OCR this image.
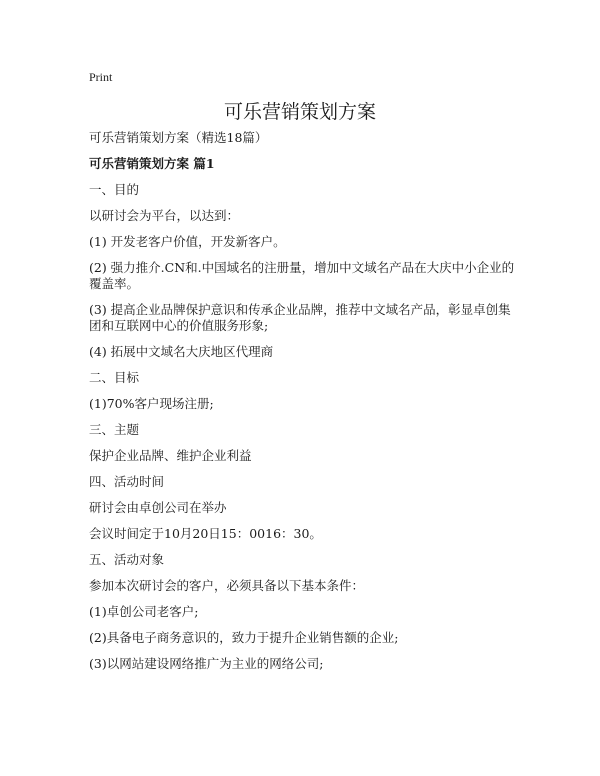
Print
可乐营销策划方案

可乐营销策划方案（精选18篇）

可乐营销策划方案 篇1

一、目的

以研讨会为平台，以达到：

(1) 开发老客户价值，开发新客户。

(2) 强力推介.CN和.中国域名的注册量，增加中文域名产品在大庆中小企业的覆盖率。

(3) 提高企业品牌保护意识和传承企业品牌，推荐中文域名产品，彰显卓创集团和互联网中心的价值服务形象;

(4) 拓展中文域名大庆地区代理商

二、目标

(1)70%客户现场注册;

三、主题

保护企业品牌、维护企业利益

四、活动时间

研讨会由卓创公司在举办

会议时间定于10月20日15：0016：30。

五、活动对象

参加本次研讨会的客户，必须具备以下基本条件：

(1)卓创公司老客户;

(2)具备电子商务意识的，致力于提升企业销售额的企业;

(3)以网站建设网络推广为主业的网络公司;
